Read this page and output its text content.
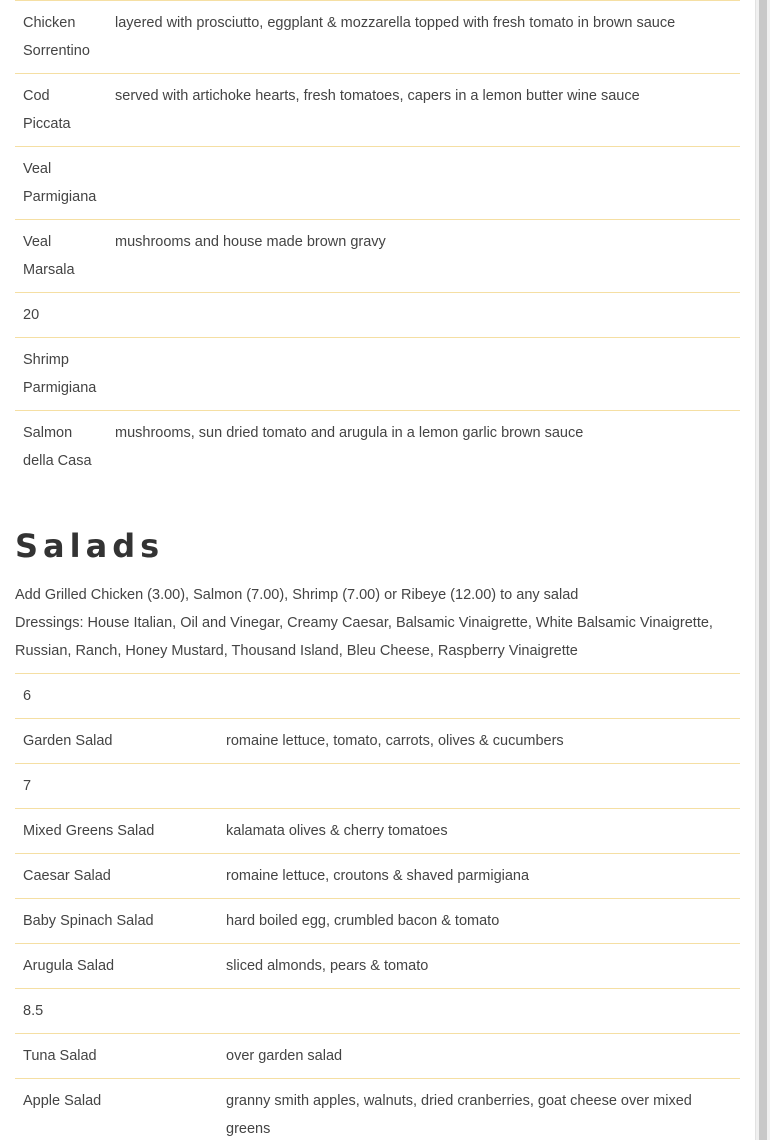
Chicken Sorrentino	layered with prosciutto, eggplant & mozzarella topped with fresh tomato in brown sauce
Cod Piccata	served with artichoke hearts, fresh tomatoes, capers in a lemon butter wine sauce
Veal Parmigiana	
Veal Marsala	mushrooms and house made brown gravy
20	
Shrimp Parmigiana	
Salmon della Casa	mushrooms, sun dried tomato and arugula in a lemon garlic brown sauce
Salads

Add Grilled Chicken (3.00), Salmon (7.00), Shrimp (7.00) or Ribeye (12.00) to any salad

Dressings: House Italian, Oil and Vinegar, Creamy Caesar, Balsamic Vinaigrette, White Balsamic Vinaigrette, Russian, Ranch, Honey Mustard, Thousand Island, Bleu Cheese, Raspberry Vinaigrette

6	
Garden Salad	romaine lettuce, tomato, carrots, olives & cucumbers
7	
Mixed Greens Salad	kalamata olives & cherry tomatoes
Caesar Salad	romaine lettuce, croutons & shaved parmigiana
Baby Spinach Salad	hard boiled egg, crumbled bacon & tomato
Arugula Salad	sliced almonds, pears & tomato
8.5	
Tuna Salad	over garden salad
Apple Salad	granny smith apples, walnuts, dried cranberries, goat cheese over mixed greens
